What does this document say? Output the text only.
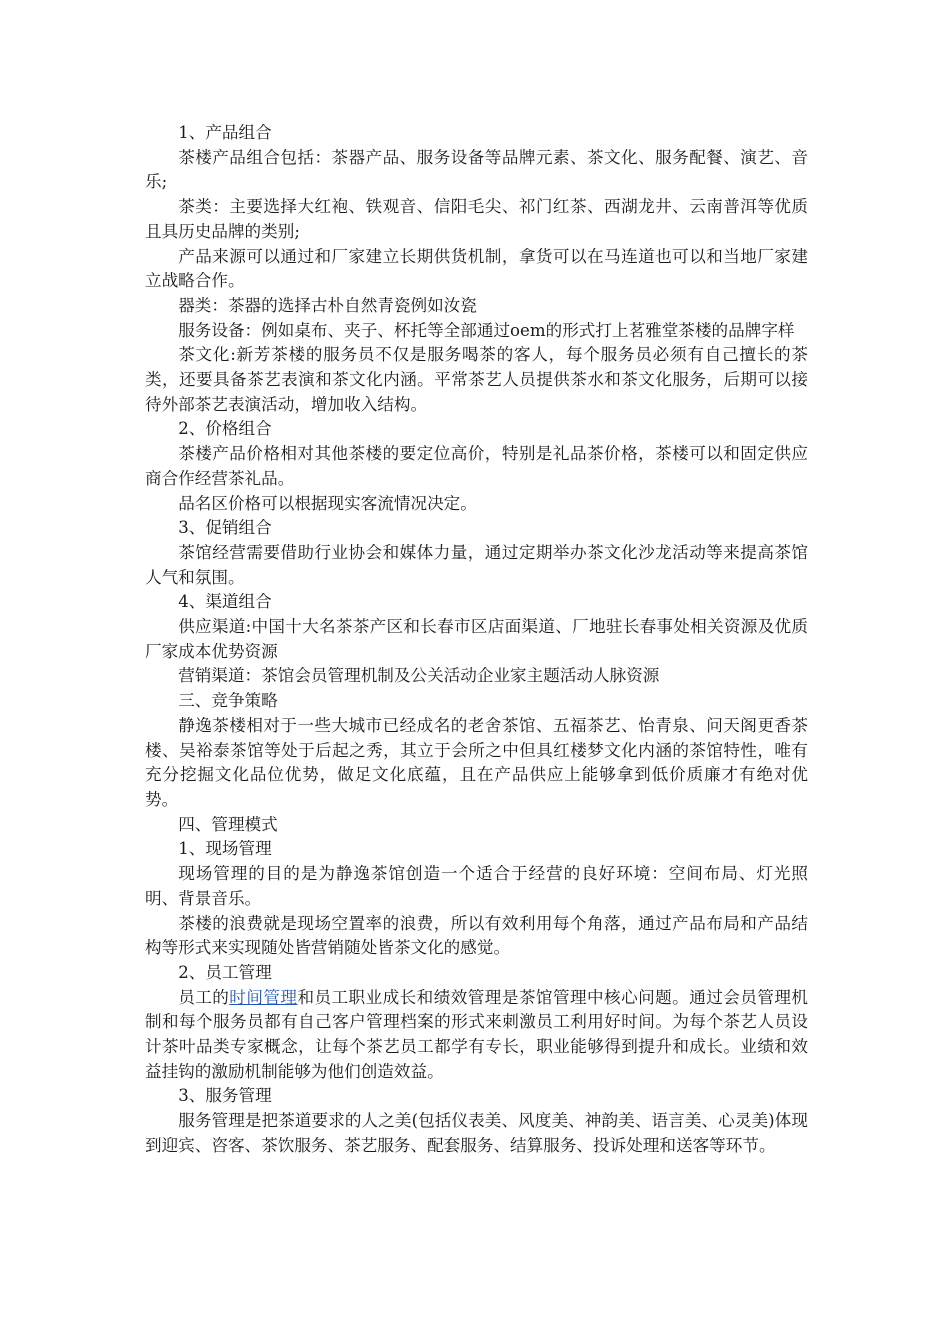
1、产品组合

茶楼产品组合包括：茶器产品、服务设备等品牌元素、茶文化、服务配餐、演艺、音乐;

茶类：主要选择大红袍、铁观音、信阳毛尖、祁门红茶、西湖龙井、云南普洱等优质且具历史品牌的类别;

产品来源可以通过和厂家建立长期供货机制，拿货可以在马连道也可以和当地厂家建立战略合作。

器类：茶器的选择古朴自然青瓷例如汝瓷

服务设备：例如桌布、夹子、杯托等全部通过oem的形式打上茗雅堂茶楼的品牌字样

茶文化:新芳茶楼的服务员不仅是服务喝茶的客人，每个服务员必须有自己擅长的茶类，还要具备茶艺表演和茶文化内涵。平常茶艺人员提供茶水和茶文化服务，后期可以接待外部茶艺表演活动，增加收入结构。

2、价格组合

茶楼产品价格相对其他茶楼的要定位高价，特别是礼品茶价格，茶楼可以和固定供应商合作经营茶礼品。

品名区价格可以根据现实客流情况决定。

3、促销组合

茶馆经营需要借助行业协会和媒体力量，通过定期举办茶文化沙龙活动等来提高茶馆人气和氛围。

4、渠道组合

供应渠道:中国十大名茶茶产区和长春市区店面渠道、厂地驻长春事处相关资源及优质厂家成本优势资源

营销渠道：茶馆会员管理机制及公关活动企业家主题活动人脉资源

三、竞争策略

静逸茶楼相对于一些大城市已经成名的老舍茶馆、五福茶艺、怡青泉、问天阁更香茶楼、吴裕泰茶馆等处于后起之秀，其立于会所之中但具红楼梦文化内涵的茶馆特性，唯有充分挖掘文化品位优势，做足文化底蕴，且在产品供应上能够拿到低价质廉才有绝对优势。

四、管理模式

1、现场管理

现场管理的目的是为静逸茶馆创造一个适合于经营的良好环境：空间布局、灯光照明、背景音乐。

茶楼的浪费就是现场空置率的浪费，所以有效利用每个角落，通过产品布局和产品结构等形式来实现随处皆营销随处皆茶文化的感觉。

2、员工管理

员工的时间管理和员工职业成长和绩效管理是茶馆管理中核心问题。通过会员管理机制和每个服务员都有自己客户管理档案的形式来刺激员工利用好时间。为每个茶艺人员设计茶叶品类专家概念，让每个茶艺员工都学有专长，职业能够得到提升和成长。业绩和效益挂钩的激励机制能够为他们创造效益。

3、服务管理

服务管理是把茶道要求的人之美(包括仪表美、风度美、神韵美、语言美、心灵美)体现到迎宾、咨客、茶饮服务、茶艺服务、配套服务、结算服务、投诉处理和送客等环节。
